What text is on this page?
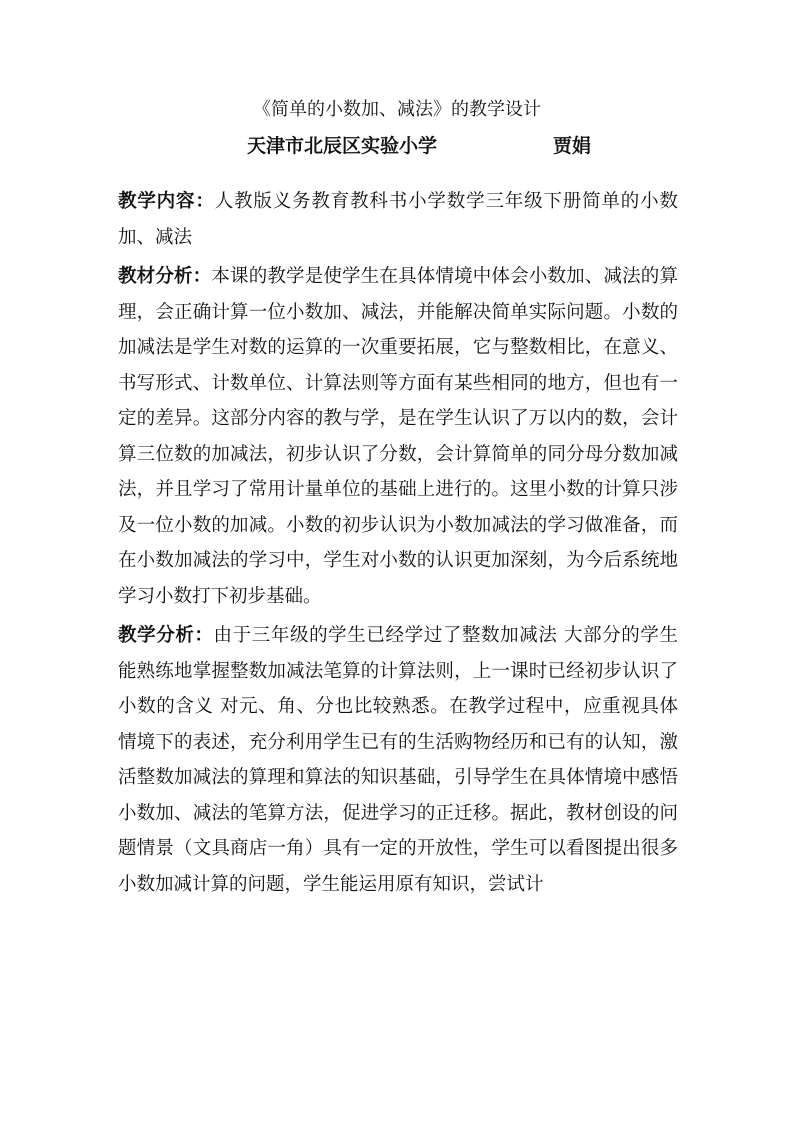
《简单的小数加、减法》的教学设计
天津市北辰区实验小学	贾娟

教学内容：人教版义务教育教科书小学数学三年级下册简单的小数加、减法

教材分析：本课的教学是使学生在具体情境中体会小数加、减法的算理，会正确计算一位小数加、减法，并能解决简单实际问题。小数的加减法是学生对数的运算的一次重要拓展，它与整数相比，在意义、书写形式、计数单位、计算法则等方面有某些相同的地方，但也有一定的差异。这部分内容的教与学，是在学生认识了万以内的数，会计算三位数的加减法，初步认识了分数，会计算简单的同分母分数加减法，并且学习了常用计量单位的基础上进行的。这里小数的计算只涉及一位小数的加减。小数的初步认识为小数加减法的学习做准备，而在小数加减法的学习中，学生对小数的认识更加深刻，为今后系统地学习小数打下初步基础。

教学分析：由于三年级的学生已经学过了整数加减法 大部分的学生能熟练地掌握整数加减法笔算的计算法则，上一课时已经初步认识了小数的含义 对元、角、分也比较熟悉。在教学过程中，应重视具体情境下的表述，充分利用学生已有的生活购物经历和已有的认知，激活整数加减法的算理和算法的知识基础，引导学生在具体情境中感悟小数加、减法的笔算方法，促进学习的正迁移。据此，教材创设的问题情景（文具商店一角）具有一定的开放性，学生可以看图提出很多小数加减计算的问题，学生能运用原有知识，尝试计
